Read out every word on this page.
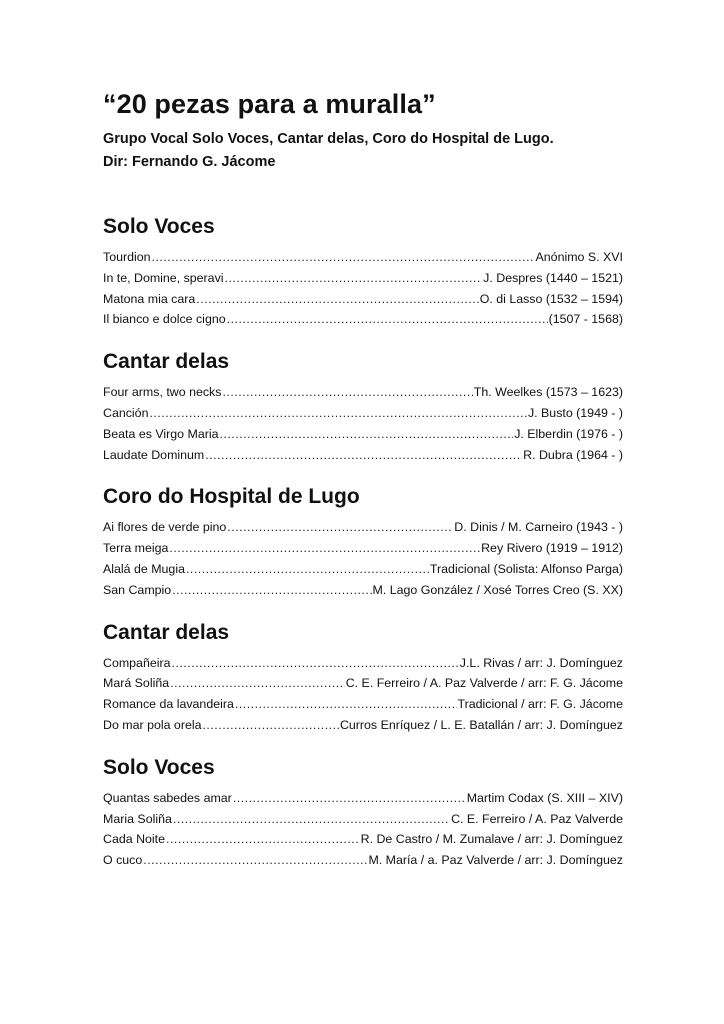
“20 pezas para a muralla”

Grupo Vocal Solo Voces, Cantar delas, Coro do Hospital de Lugo.

Dir: Fernando G. Jácome

Solo Voces
Tourdion .....	Anónimo S. XVI
In te, Domine, speravi .....	J. Despres (1440 – 1521)
Matona mia cara .....	O. di Lasso (1532 – 1594)
Il bianco e dolce cigno .....	(1507 - 1568)
Cantar delas
Four arms, two necks .....	Th. Weelkes (1573 – 1623)
Canción .....	J. Busto (1949 - )
Beata es Virgo Maria .....	J. Elberdin (1976 - )
Laudate Dominum .....	R. Dubra (1964 - )
Coro do Hospital de Lugo
Ai flores de verde pino .....	D. Dinis / M. Carneiro (1943 - )
Terra meiga .....	Rey Rivero (1919 – 1912)
Alalá de Mugia .....	Tradicional (Solista: Alfonso Parga)
San Campio .....	M. Lago González / Xosé Torres Creo (S. XX)
Cantar delas
Compañeira .....	J.L. Rivas / arr: J. Domínguez
Mará Soliña .....	C. E. Ferreiro / A. Paz Valverde / arr: F. G. Jácome
Romance da lavandeira .....	Tradicional / arr: F. G. Jácome
Do mar pola orela .....	Curros Enríquez / L. E. Batallán / arr: J. Domínguez
Solo Voces
Quantas sabedes amar .....	Martim Codax (S. XIII – XIV)
Maria Soliña .....	C. E. Ferreiro / A. Paz Valverde
Cada Noite .....	R. De Castro / M. Zumalave / arr: J. Domínguez
O cuco .....	M. María / a. Paz Valverde / arr: J. Domínguez
